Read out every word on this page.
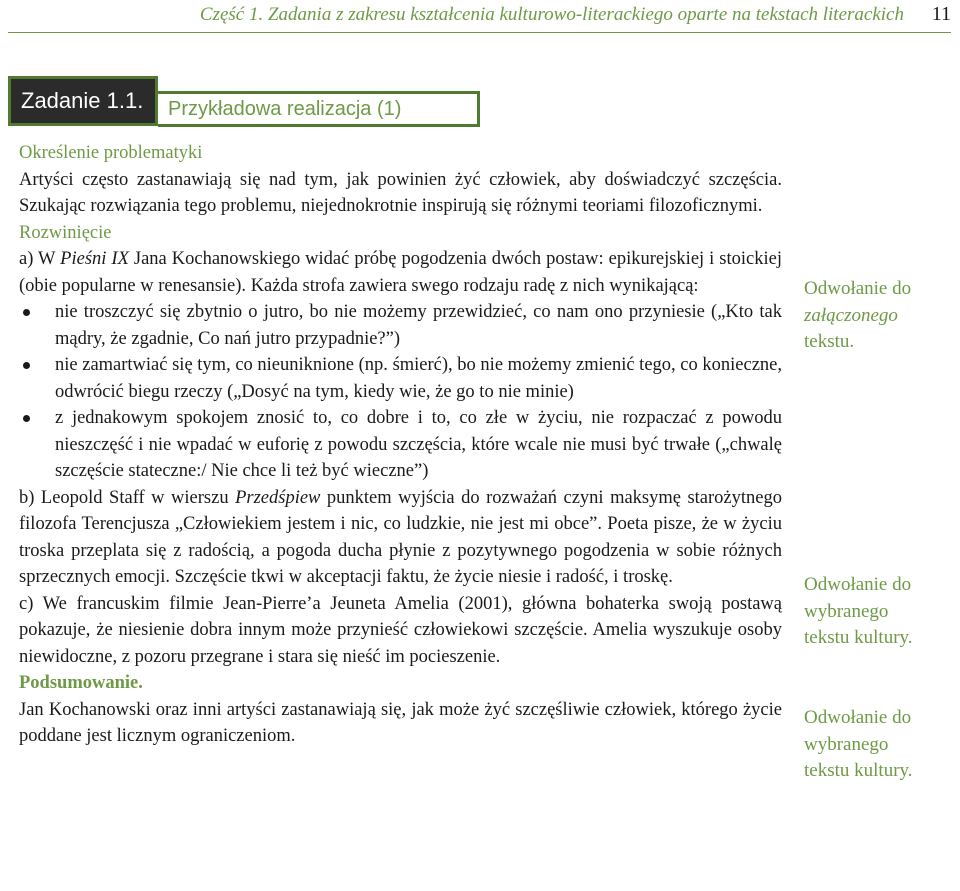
Część 1. Zadania z zakresu kształcenia kulturowo-literackiego oparte na tekstach literackich 11
Zadanie 1.1.	Przykładowa realizacja (1)

Określenie problematyki

Artyści często zastanawiają się nad tym, jak powinien żyć człowiek, aby doświadczyć szczęścia. Szukając rozwiązania tego problemu, niejednokrotnie inspirują się różnymi teoriami filozoficznymi.

Rozwinięcie

a) W Pieśni IX Jana Kochanowskiego widać próbę pogodzenia dwóch postaw: epikurejskiej i stoickiej (obie popularne w renesansie). Każda strofa zawiera swego rodzaju radę z nich wynikającą:

nie troszczyć się zbytnio o jutro, bo nie możemy przewidzieć, co nam ono przyniesie („Kto tak mądry, że zgadnie, Co nań jutro przypadnie?”)
nie zamartwiać się tym, co nieuniknione (np. śmierć), bo nie możemy zmienić tego, co konieczne, odwrócić biegu rzeczy („Dosyć na tym, kiedy wie, że go to nie minie)
z jednakowym spokojem znosić to, co dobre i to, co złe w życiu, nie rozpaczać z powodu nieszczęść i nie wpadać w euforię z powodu szczęścia, które wcale nie musi być trwałe („chwalę szczęście stateczne:/ Nie chce li też być wieczne”)

b) Leopold Staff w wierszu Przedśpiew punktem wyjścia do rozważań czyni maksymę starożytnego filozofa Terencjusza „Człowiekiem jestem i nic, co ludzkie, nie jest mi obce”. Poeta pisze, że w życiu troska przeplata się z radością, a pogoda ducha płynie z pozytywnego pogodzenia w sobie różnych sprzecznych emocji. Szczęście tkwi w akceptacji faktu, że życie niesie i radość, i troskę.

c) We francuskim filmie Jean-Pierre’a Jeuneta Amelia (2001), główna bohaterka swoją postawą pokazuje, że niesienie dobra innym może przynieść człowiekowi szczęście. Amelia wyszukuje osoby niewidoczne, z pozoru przegrane i stara się nieść im pocieszenie.

Podsumowanie.

Jan Kochanowski oraz inni artyści zastanawiają się, jak może żyć szczęśliwie człowiek, którego życie poddane jest licznym ograniczeniom.

Odwołanie do
załączonego
tekstu.
Odwołanie do
wybranego
tekstu kultury.
Odwołanie do
wybranego
tekstu kultury.
